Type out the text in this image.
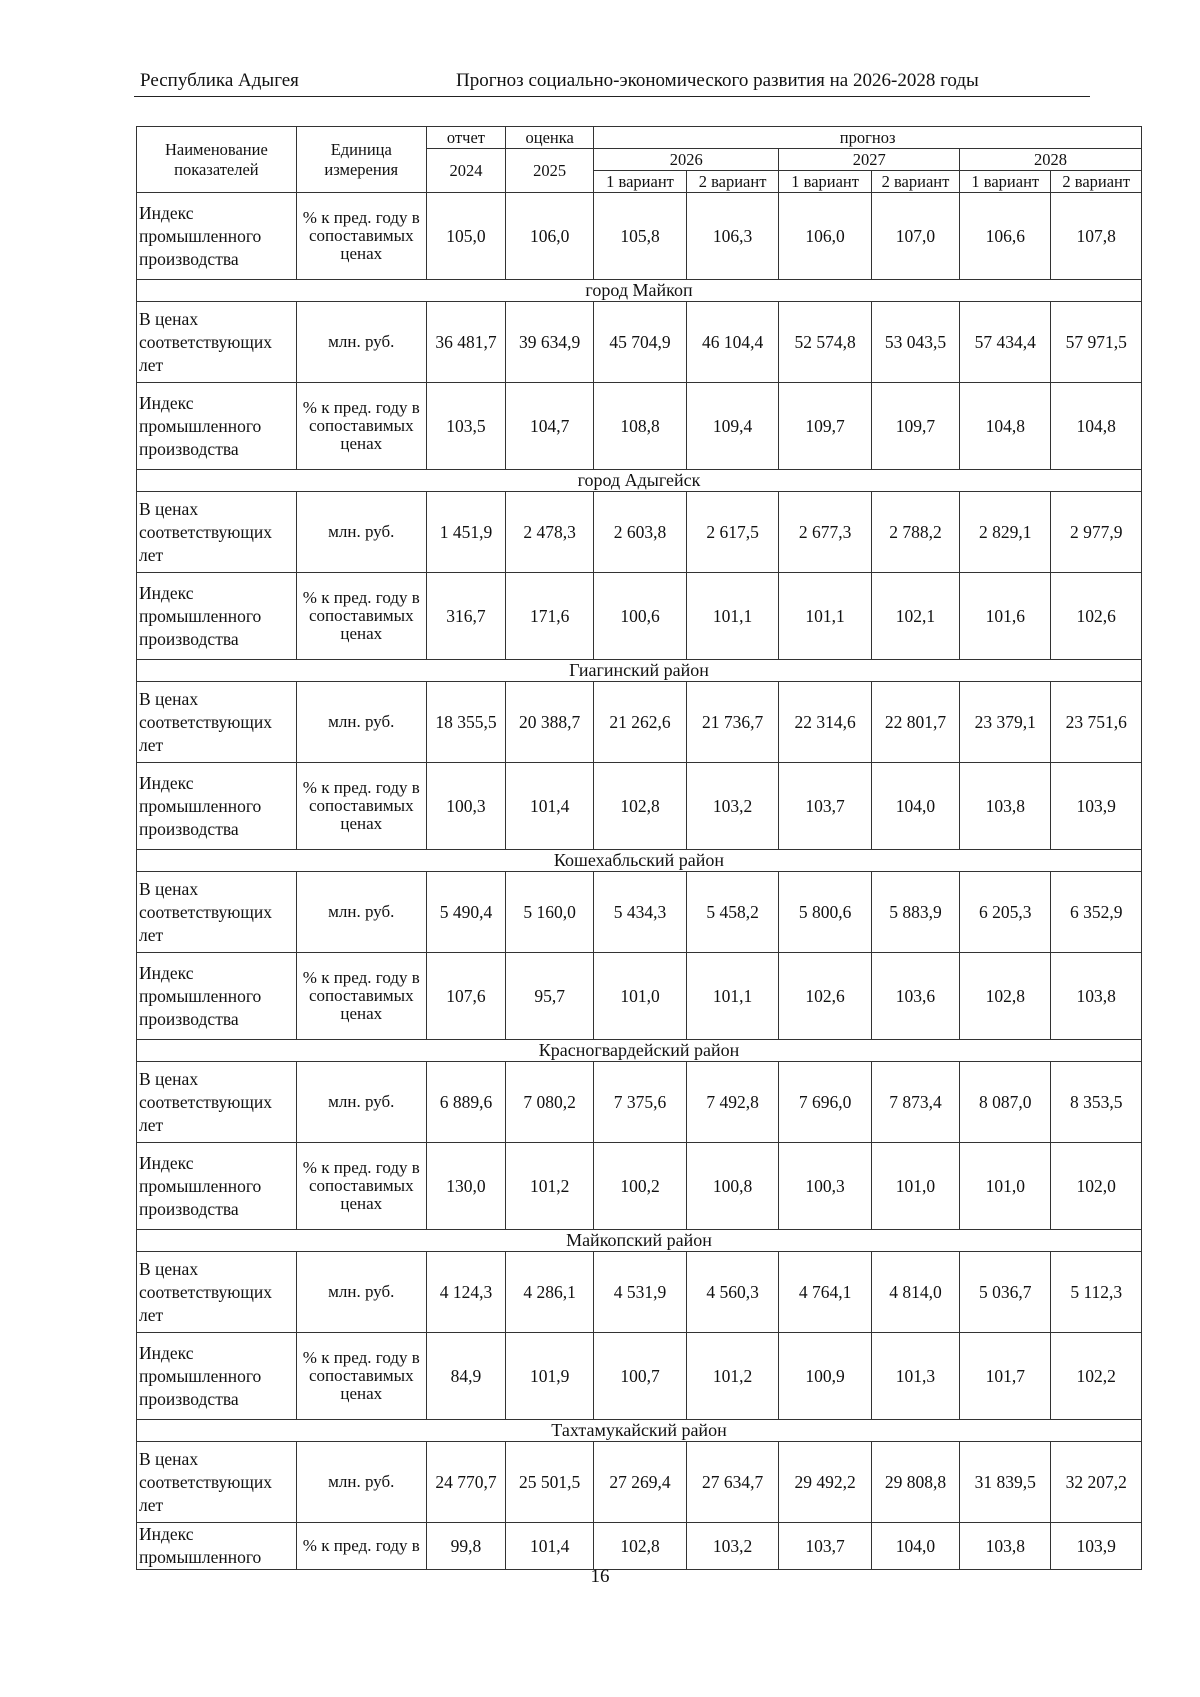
Республика Адыгея	Прогноз социально-экономического развития на 2026-2028 годы
Наименование показателей	Единица измерения	отчет	оценка	прогноз					
		2024	2025	2026		2027		2028	
				1 вариант	2 вариант	1 вариант	2 вариант	1 вариант	2 вариант
Индекс промышленного производства	% к пред. году в сопоставимых ценах	105,0	106,0	105,8	106,3	106,0	107,0	106,6	107,8
город Майкоп									
В ценах соответствующих лет	млн. руб.	36 481,7	39 634,9	45 704,9	46 104,4	52 574,8	53 043,5	57 434,4	57 971,5
Индекс промышленного производства	% к пред. году в сопоставимых ценах	103,5	104,7	108,8	109,4	109,7	109,7	104,8	104,8
город Адыгейск									
В ценах соответствующих лет	млн. руб.	1 451,9	2 478,3	2 603,8	2 617,5	2 677,3	2 788,2	2 829,1	2 977,9
Индекс промышленного производства	% к пред. году в сопоставимых ценах	316,7	171,6	100,6	101,1	101,1	102,1	101,6	102,6
Гиагинский район									
В ценах соответствующих лет	млн. руб.	18 355,5	20 388,7	21 262,6	21 736,7	22 314,6	22 801,7	23 379,1	23 751,6
Индекс промышленного производства	% к пред. году в сопоставимых ценах	100,3	101,4	102,8	103,2	103,7	104,0	103,8	103,9
Кошехабльский район									
В ценах соответствующих лет	млн. руб.	5 490,4	5 160,0	5 434,3	5 458,2	5 800,6	5 883,9	6 205,3	6 352,9
Индекс промышленного производства	% к пред. году в сопоставимых ценах	107,6	95,7	101,0	101,1	102,6	103,6	102,8	103,8
Красногвардейский район									
В ценах соответствующих лет	млн. руб.	6 889,6	7 080,2	7 375,6	7 492,8	7 696,0	7 873,4	8 087,0	8 353,5
Индекс промышленного производства	% к пред. году в сопоставимых ценах	130,0	101,2	100,2	100,8	100,3	101,0	101,0	102,0
Майкопский район									
В ценах соответствующих лет	млн. руб.	4 124,3	4 286,1	4 531,9	4 560,3	4 764,1	4 814,0	5 036,7	5 112,3
Индекс промышленного производства	% к пред. году в сопоставимых ценах	84,9	101,9	100,7	101,2	100,9	101,3	101,7	102,2
Тахтамукайский район									
В ценах соответствующих лет	млн. руб.	24 770,7	25 501,5	27 269,4	27 634,7	29 492,2	29 808,8	31 839,5	32 207,2
Индекс промышленного	% к пред. году в	99,8	101,4	102,8	103,2	103,7	104,0	103,8	103,9
16
